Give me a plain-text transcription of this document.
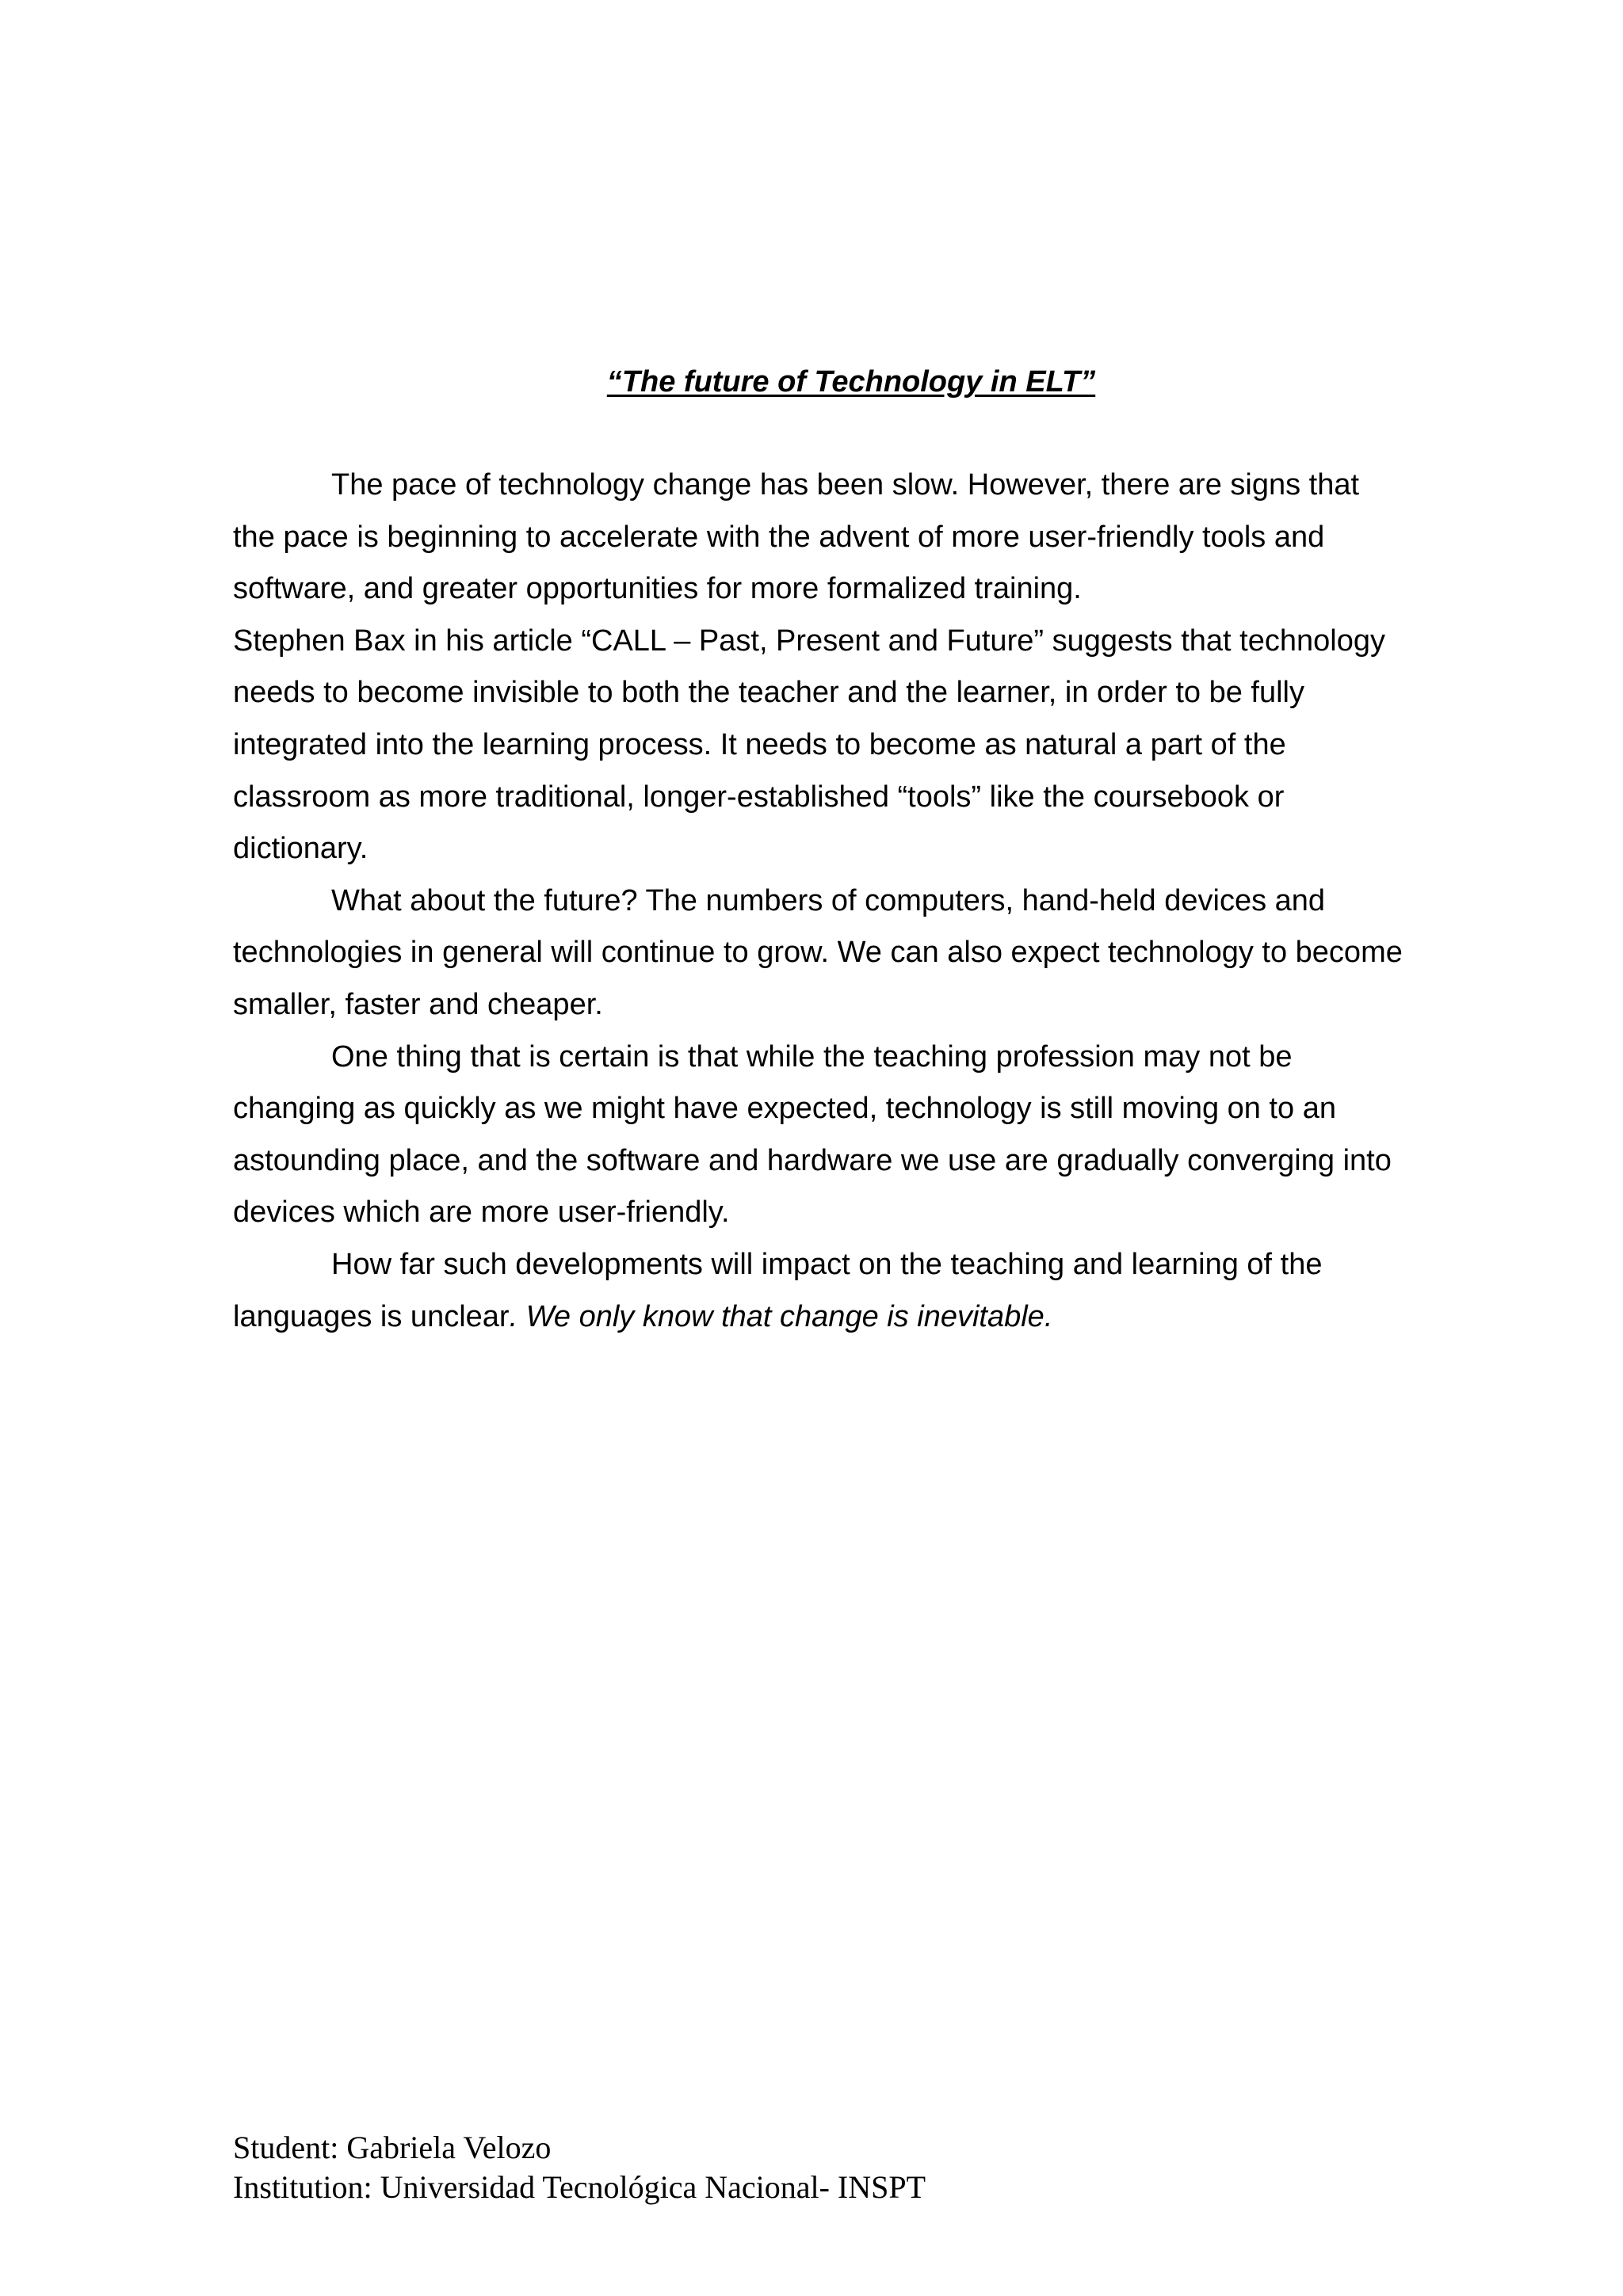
“The future of Technology in ELT”

The pace of technology change has been slow. However, there are signs that the pace is beginning to accelerate with the advent of more user-friendly tools and software, and greater opportunities for more formalized training.

Stephen Bax in his article “CALL – Past, Present and Future” suggests that technology needs to become invisible to both the teacher and the learner, in order to be fully integrated into the learning process. It needs to become as natural a part of the classroom as more traditional, longer-established “tools” like the coursebook or dictionary.

What about the future? The numbers of computers, hand-held devices and technologies in general will continue to grow. We can also expect technology to become smaller, faster and cheaper.

One thing that is certain is that while the teaching profession may not be changing as quickly as we might have expected, technology is still moving on to an astounding place, and the software and hardware we use are gradually converging into devices which are more user-friendly.

How far such developments will impact on the teaching and learning of the languages is unclear. We only know that change is inevitable.

Student: Gabriela Velozo
Institution: Universidad Tecnológica Nacional- INSPT
